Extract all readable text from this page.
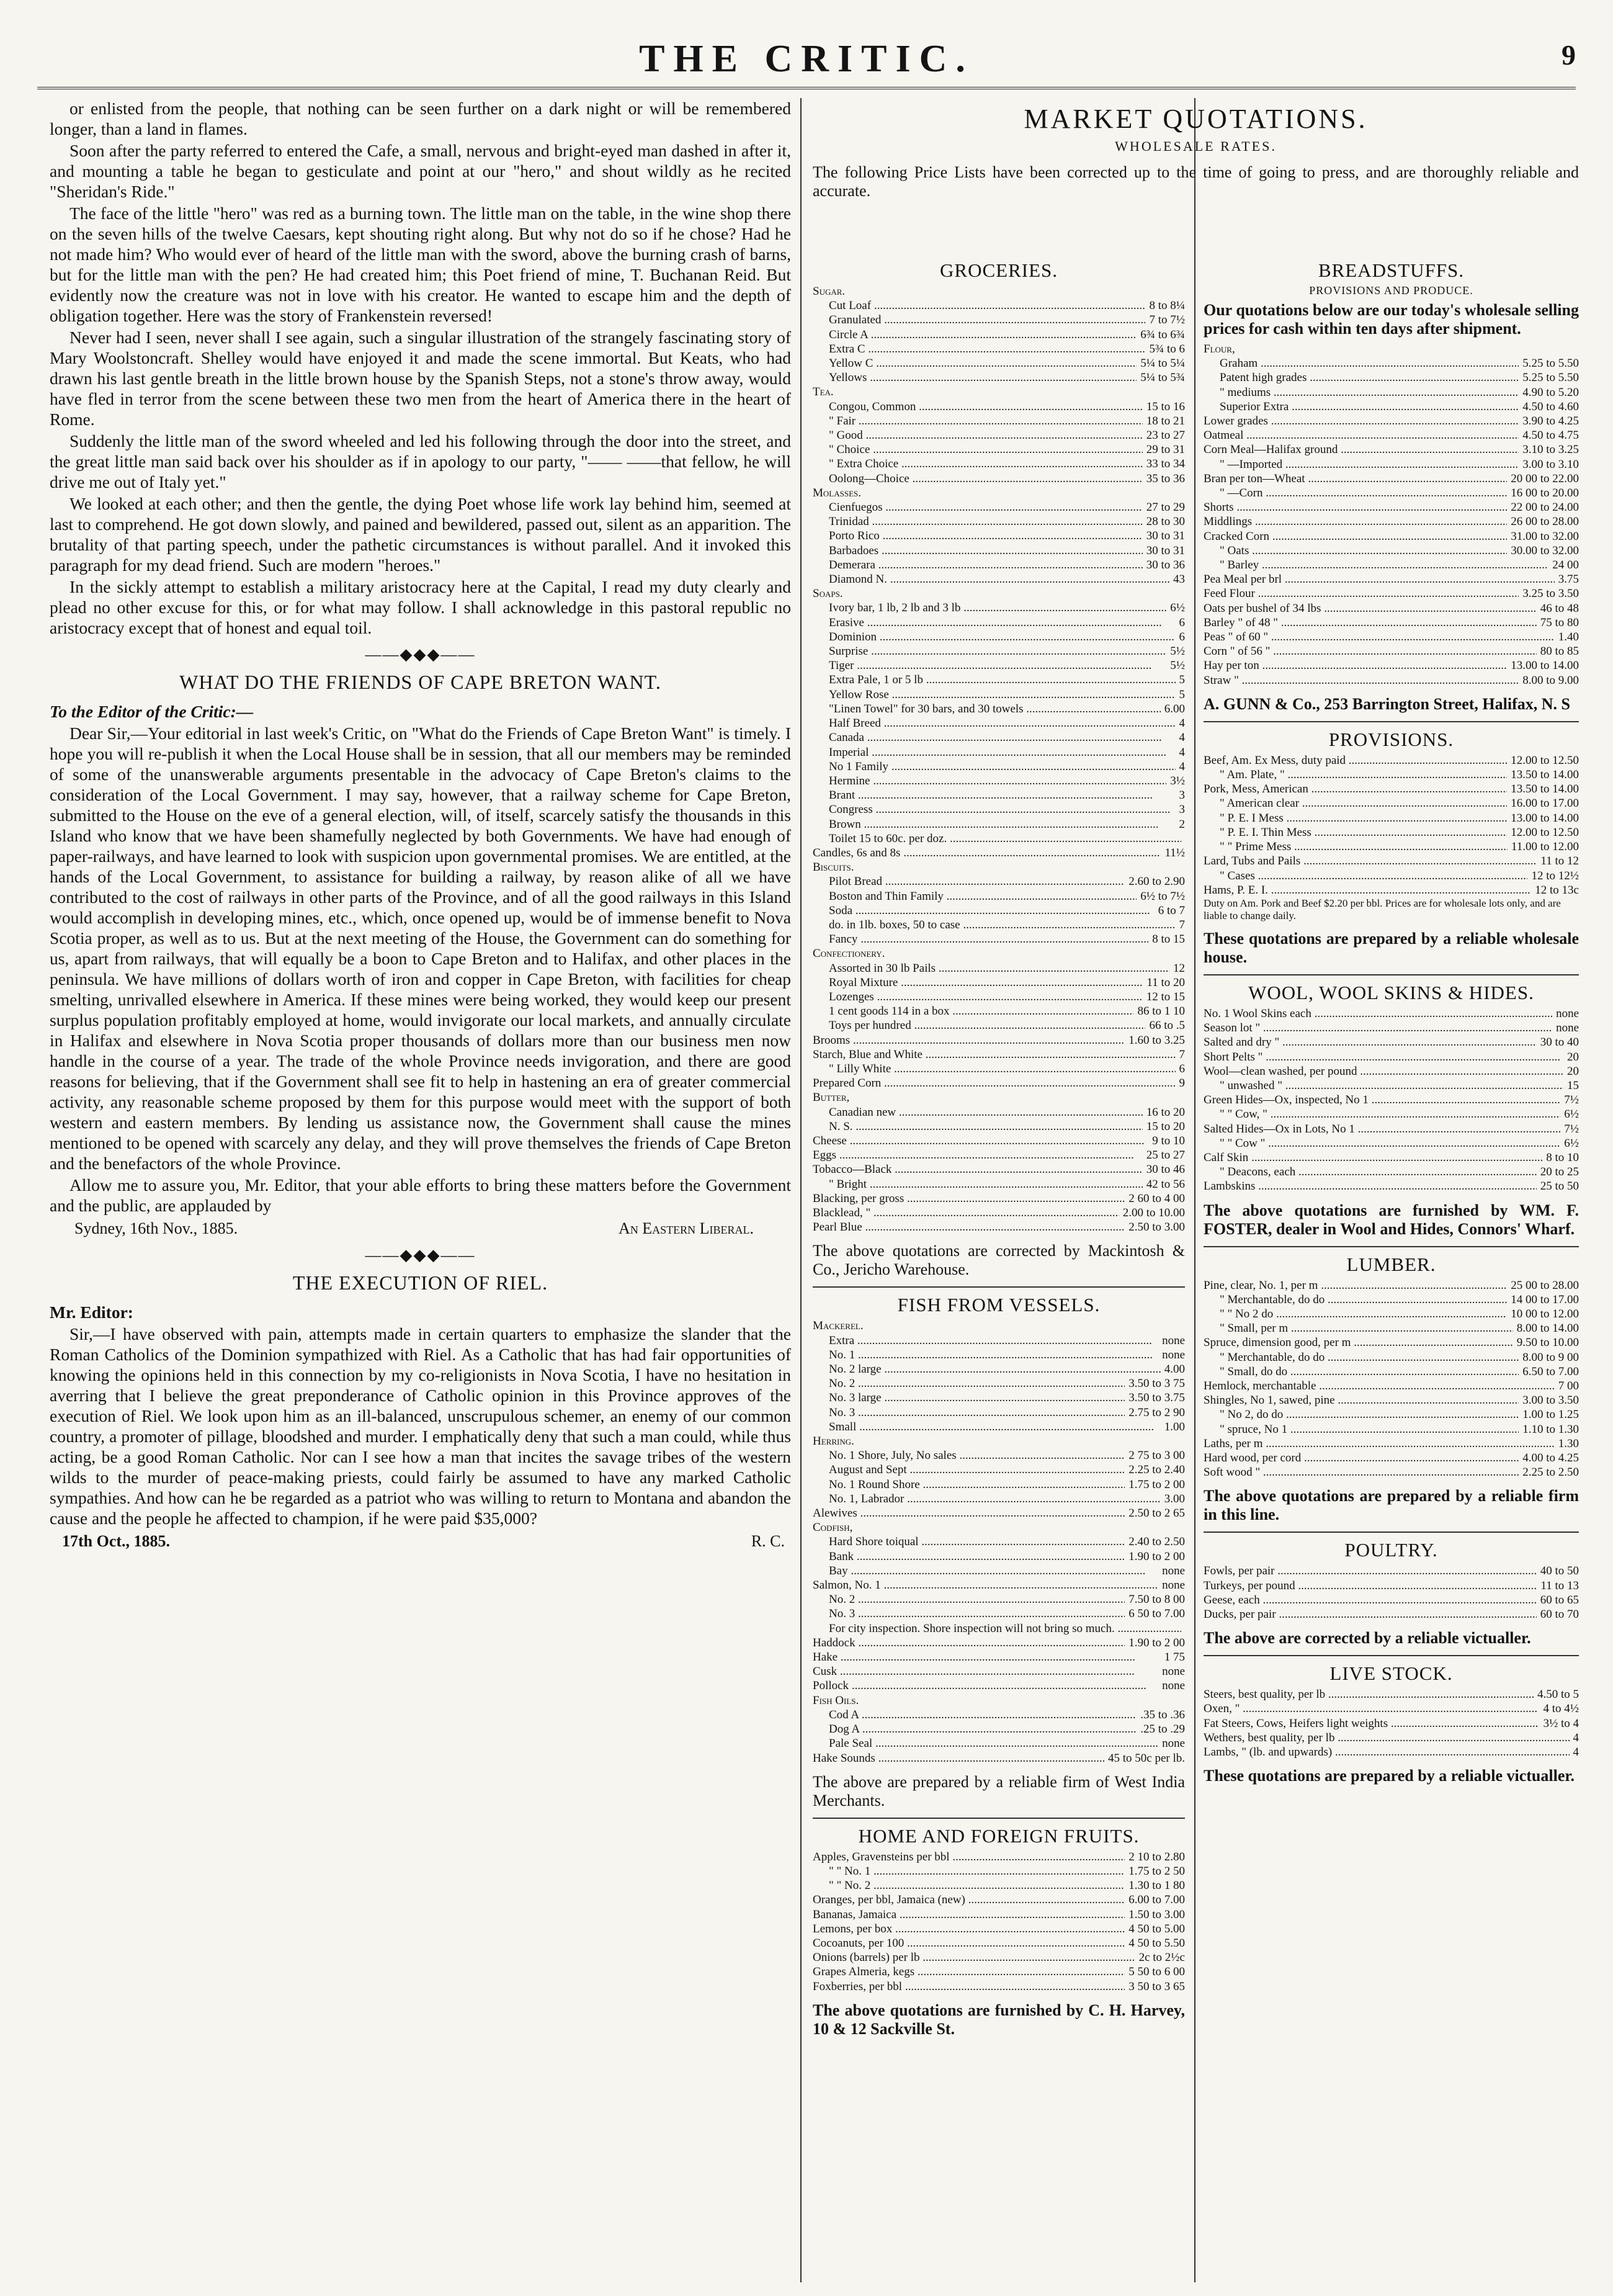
THE CRITIC.	9

or enlisted from the people, that nothing can be seen further on a dark night or will be remembered longer, than a land in flames.

Soon after the party referred to entered the Cafe, a small, nervous and bright-eyed man dashed in after it, and mounting a table he began to gesticulate and point at our "hero," and shout wildly as he recited "Sheridan's Ride."

The face of the little "hero" was red as a burning town. The little man on the table, in the wine shop there on the seven hills of the twelve Caesars, kept shouting right along. But why not do so if he chose? Had he not made him? Who would ever of heard of the little man with the sword, above the burning crash of barns, but for the little man with the pen? He had created him; this Poet friend of mine, T. Buchanan Reid. But evidently now the creature was not in love with his creator. He wanted to escape him and the depth of obligation together. Here was the story of Frankenstein reversed!

Never had I seen, never shall I see again, such a singular illustration of the strangely fascinating story of Mary Woolstoncraft. Shelley would have enjoyed it and made the scene immortal. But Keats, who had drawn his last gentle breath in the little brown house by the Spanish Steps, not a stone's throw away, would have fled in terror from the scene between these two men from the heart of America there in the heart of Rome.

Suddenly the little man of the sword wheeled and led his following through the door into the street, and the great little man said back over his shoulder as if in apology to our party, "—— ——that fellow, he will drive me out of Italy yet."

We looked at each other; and then the gentle, the dying Poet whose life work lay behind him, seemed at last to comprehend. He got down slowly, and pained and bewildered, passed out, silent as an apparition. The brutality of that parting speech, under the pathetic circumstances is without parallel. And it invoked this paragraph for my dead friend. Such are modern "heroes."

In the sickly attempt to establish a military aristocracy here at the Capital, I read my duty clearly and plead no other excuse for this, or for what may follow. I shall acknowledge in this pastoral republic no aristocracy except that of honest and equal toil.

——◆◆◆——
WHAT DO THE FRIENDS OF CAPE BRETON WANT.

To the Editor of the Critic:—

Dear Sir,—Your editorial in last week's Critic, on "What do the Friends of Cape Breton Want" is timely. I hope you will re-publish it when the Local House shall be in session, that all our members may be reminded of some of the unanswerable arguments presentable in the advocacy of Cape Breton's claims to the consideration of the Local Government. I may say, however, that a railway scheme for Cape Breton, submitted to the House on the eve of a general election, will, of itself, scarcely satisfy the thousands in this Island who know that we have been shamefully neglected by both Governments. We have had enough of paper-railways, and have learned to look with suspicion upon governmental promises. We are entitled, at the hands of the Local Government, to assistance for building a railway, by reason alike of all we have contributed to the cost of railways in other parts of the Province, and of all the good railways in this Island would accomplish in developing mines, etc., which, once opened up, would be of immense benefit to Nova Scotia proper, as well as to us. But at the next meeting of the House, the Government can do something for us, apart from railways, that will equally be a boon to Cape Breton and to Halifax, and other places in the peninsula. We have millions of dollars worth of iron and copper in Cape Breton, with facilities for cheap smelting, unrivalled elsewhere in America. If these mines were being worked, they would keep our present surplus population profitably employed at home, would invigorate our local markets, and annually circulate in Halifax and elsewhere in Nova Scotia proper thousands of dollars more than our business men now handle in the course of a year. The trade of the whole Province needs invigoration, and there are good reasons for believing, that if the Government shall see fit to help in hastening an era of greater commercial activity, any reasonable scheme proposed by them for this purpose would meet with the support of both western and eastern members. By lending us assistance now, the Government shall cause the mines mentioned to be opened with scarcely any delay, and they will prove themselves the friends of Cape Breton and the benefactors of the whole Province.

Allow me to assure you, Mr. Editor, that your able efforts to bring these matters before the Government and the public, are applauded by

Sydney, 16th Nov., 1885.	An Eastern Liberal.
——◆◆◆——
THE EXECUTION OF RIEL.

Mr. Editor:

Sir,—I have observed with pain, attempts made in certain quarters to emphasize the slander that the Roman Catholics of the Dominion sympathized with Riel. As a Catholic that has had fair opportunities of knowing the opinions held in this connection by my co-religionists in Nova Scotia, I have no hesitation in averring that I believe the great preponderance of Catholic opinion in this Province approves of the execution of Riel. We look upon him as an ill-balanced, unscrupulous schemer, an enemy of our common country, a promoter of pillage, bloodshed and murder. I emphatically deny that such a man could, while thus acting, be a good Roman Catholic. Nor can I see how a man that incites the savage tribes of the western wilds to the murder of peace-making priests, could fairly be assumed to have any marked Catholic sympathies. And how can he be regarded as a patriot who was willing to return to Montana and abandon the cause and the people he affected to champion, if he were paid $35,000?

17th Oct., 1885.	R. C.
MARKET QUOTATIONS.
WHOLESALE RATES.
The following Price Lists have been corrected up to the time of going to press, and are thoroughly reliable and accurate.
GROCERIES.
Sugar.
Cut Loaf .....	8 to 8¼
Granulated .....	7 to 7½
Circle A .....	6¾ to 6¾
Extra C .....	5¾ to 6
Yellow C .....	5¼ to 5¼
Yellows .....	5¼ to 5¾
Tea.
Congou, Common .....	15 to 16
" Fair .....	18 to 21
" Good .....	23 to 27
" Choice .....	29 to 31
" Extra Choice .....	33 to 34
Oolong—Choice .....	35 to 36
Molasses.
Cienfuegos .....	27 to 29
Trinidad .....	28 to 30
Porto Rico .....	30 to 31
Barbadoes .....	30 to 31
Demerara .....	30 to 36
Diamond N. .....	43
Soaps.
Ivory bar, 1 lb, 2 lb and 3 lb .....	6½
Erasive .....	6
Dominion .....	6
Surprise .....	5½
Tiger .....	5½
Extra Pale, 1 or 5 lb .....	5
Yellow Rose .....	5
"Linen Towel" for 30 bars, and 30 towels .....	6.00
Half Breed .....	4
Canada .....	4
Imperial .....	4
No 1 Family .....	4
Hermine .....	3½
Brant .....	3
Congress .....	3
Brown .....	2
Toilet 15 to 60c. per doz. .....
Candles, 6s and 8s .....	11½
Biscuits.
Pilot Bread .....	2.60 to 2.90
Boston and Thin Family .....	6½ to 7½
Soda .....	6 to 7
do. in 1lb. boxes, 50 to case .....	7
Fancy .....	8 to 15
Confectionery.
Assorted in 30 lb Pails .....	12
Royal Mixture .....	11 to 20
Lozenges .....	12 to 15
1 cent goods 114 in a box .....	86 to 1 10
Toys per hundred .....	66 to .5
Brooms .....	1.60 to 3.25
Starch, Blue and White .....	7
" Lilly White .....	6
Prepared Corn .....	9
Butter,
Canadian new .....	16 to 20
N. S. .....	15 to 20
Cheese .....	9 to 10
Eggs .....	25 to 27
Tobacco—Black .....	30 to 46
" Bright .....	42 to 56
Blacking, per gross .....	2 60 to 4 00
Blacklead, " .....	2.00 to 10.00
Pearl Blue .....	2.50 to 3.00
The above quotations are corrected by Mackintosh & Co., Jericho Warehouse.
FISH FROM VESSELS.
Mackerel.
Extra .....	none
No. 1 .....	none
No. 2 large .....	4.00
No. 2 .....	3.50 to 3 75
No. 3 large .....	3.50 to 3.75
No. 3 .....	2.75 to 2 90
Small .....	1.00
Herring.
No. 1 Shore, July, No sales .....	2 75 to 3 00
August and Sept .....	2.25 to 2.40
No. 1 Round Shore .....	1.75 to 2 00
No. 1, Labrador .....	3.00
Alewives .....	2.50 to 2 65
Codfish,
Hard Shore toiqual .....	2.40 to 2.50
Bank .....	1.90 to 2 00
Bay .....	none
Salmon, No. 1 .....	none
No. 2 .....	7.50 to 8 00
No. 3 .....	6 50 to 7.00
For city inspection. Shore inspection will not bring so much. .....
Haddock .....	1.90 to 2 00
Hake .....	1 75
Cusk .....	none
Pollock .....	none
Fish Oils.
Cod A .....	.35 to .36
Dog A .....	.25 to .29
Pale Seal .....	none
Hake Sounds .....	45 to 50c per lb.
The above are prepared by a reliable firm of West India Merchants.
HOME AND FOREIGN FRUITS.
Apples, Gravensteins per bbl .....	2 10 to 2.80
" " No. 1 .....	1.75 to 2 50
" " No. 2 .....	1.30 to 1 80
Oranges, per bbl, Jamaica (new) .....	6.00 to 7.00
Bananas, Jamaica .....	1.50 to 3.00
Lemons, per box .....	4 50 to 5.00
Cocoanuts, per 100 .....	4 50 to 5.50
Onions (barrels) per lb .....	2c to 2½c
Grapes Almeria, kegs .....	5 50 to 6 00
Foxberries, per bbl .....	3 50 to 3 65
The above quotations are furnished by C. H. Harvey, 10 & 12 Sackville St.
BREADSTUFFS.
PROVISIONS AND PRODUCE.
Our quotations below are our today's wholesale selling prices for cash within ten days after shipment.
Flour,
Graham .....	5.25 to 5.50
Patent high grades .....	5.25 to 5.50
" mediums .....	4.90 to 5.20
Superior Extra .....	4.50 to 4.60
Lower grades .....	3.90 to 4.25
Oatmeal .....	4.50 to 4.75
Corn Meal—Halifax ground .....	3.10 to 3.25
" —Imported .....	3.00 to 3.10
Bran per ton—Wheat .....	20 00 to 22.00
" —Corn .....	16 00 to 20.00
Shorts .....	22 00 to 24.00
Middlings .....	26 00 to 28.00
Cracked Corn .....	31.00 to 32.00
" Oats .....	30.00 to 32.00
" Barley .....	24 00
Pea Meal per brl .....	3.75
Feed Flour .....	3.25 to 3.50
Oats per bushel of 34 lbs .....	46 to 48
Barley " of 48 " .....	75 to 80
Peas " of 60 " .....	1.40
Corn " of 56 " .....	80 to 85
Hay per ton .....	13.00 to 14.00
Straw " .....	8.00 to 9.00
A. GUNN & Co., 253 Barrington Street, Halifax, N. S
PROVISIONS.
Beef, Am. Ex Mess, duty paid .....	12.00 to 12.50
" Am. Plate, " .....	13.50 to 14.00
Pork, Mess, American .....	13.50 to 14.00
" American clear .....	16.00 to 17.00
" P. E. I Mess .....	13.00 to 14.00
" P. E. I. Thin Mess .....	12.00 to 12.50
" " Prime Mess .....	11.00 to 12.00
Lard, Tubs and Pails .....	11 to 12
" Cases .....	12 to 12½
Hams, P. E. I. .....	12 to 13c
Duty on Am. Pork and Beef $2.20 per bbl. Prices are for wholesale lots only, and are liable to change daily.
These quotations are prepared by a reliable wholesale house.
WOOL, WOOL SKINS & HIDES.
No. 1 Wool Skins each .....	none
Season lot " .....	none
Salted and dry " .....	30 to 40
Short Pelts " .....	20
Wool—clean washed, per pound .....	20
" unwashed " .....	15
Green Hides—Ox, inspected, No 1 .....	7½
" " Cow, " .....	6½
Salted Hides—Ox in Lots, No 1 .....	7½
" " Cow " .....	6½
Calf Skin .....	8 to 10
" Deacons, each .....	20 to 25
Lambskins .....	25 to 50
The above quotations are furnished by WM. F. FOSTER, dealer in Wool and Hides, Connors' Wharf.
LUMBER.
Pine, clear, No. 1, per m .....	25 00 to 28.00
" Merchantable, do do .....	14 00 to 17.00
" " No 2 do .....	10 00 to 12.00
" Small, per m .....	8.00 to 14.00
Spruce, dimension good, per m .....	9.50 to 10.00
" Merchantable, do do .....	8.00 to 9 00
" Small, do do .....	6.50 to 7.00
Hemlock, merchantable .....	7 00
Shingles, No 1, sawed, pine .....	3.00 to 3.50
" No 2, do do .....	1.00 to 1.25
" spruce, No 1 .....	1.10 to 1.30
Laths, per m .....	1.30
Hard wood, per cord .....	4.00 to 4.25
Soft wood " .....	2.25 to 2.50
The above quotations are prepared by a reliable firm in this line.
POULTRY.
Fowls, per pair .....	40 to 50
Turkeys, per pound .....	11 to 13
Geese, each .....	60 to 65
Ducks, per pair .....	60 to 70
The above are corrected by a reliable victualler.
LIVE STOCK.
Steers, best quality, per lb .....	4.50 to 5
Oxen, " .....	4 to 4½
Fat Steers, Cows, Heifers light weights .....	3½ to 4
Wethers, best quality, per lb .....	4
Lambs, " (lb. and upwards) .....	4
These quotations are prepared by a reliable victualler.
